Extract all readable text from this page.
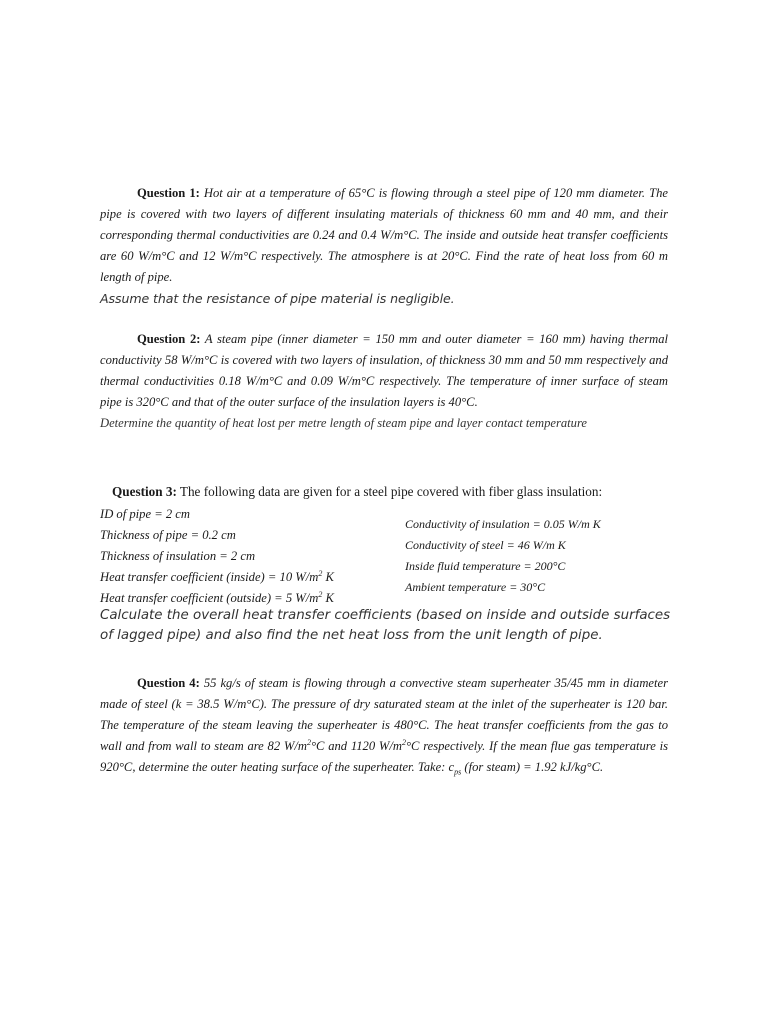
Question 1: Hot air at a temperature of 65°C is flowing through a steel pipe of 120 mm diameter. The pipe is covered with two layers of different insulating materials of thickness 60 mm and 40 mm, and their corresponding thermal conductivities are 0.24 and 0.4 W/m°C. The inside and outside heat transfer coefficients are 60 W/m°C and 12 W/m°C respectively. The atmosphere is at 20°C. Find the rate of heat loss from 60 m length of pipe.

Assume that the resistance of pipe material is negligible.

Question 2: A steam pipe (inner diameter = 150 mm and outer diameter = 160 mm) having thermal conductivity 58 W/m°C is covered with two layers of insulation, of thickness 30 mm and 50 mm respectively and thermal conductivities 0.18 W/m°C and 0.09 W/m°C respectively. The temperature of inner surface of steam pipe is 320°C and that of the outer surface of the insulation layers is 40°C.

Determine the quantity of heat lost per metre length of steam pipe and layer contact temperature

Question 3: The following data are given for a steel pipe covered with fiber glass insulation:

ID of pipe = 2 cm
Thickness of pipe = 0.2 cm
Thickness of insulation = 2 cm
Heat transfer coefficient (inside) = 10 $W/m^2$ K
Heat transfer coefficient (outside) = 5 $W/m^2$ K
Conductivity of insulation = 0.05 W/m K
Conductivity of steel = 46 W/m K
Inside fluid temperature = 200°C
Ambient temperature = 30°C
Calculate the overall heat transfer coefficients (based on inside and outside surfaces
of lagged pipe) and also find the net heat loss from the unit length of pipe.

Question 4: 55 kg/s of steam is flowing through a convective steam superheater 35/45 mm in diameter made of steel (k = 38.5 W/m°C). The pressure of dry saturated steam at the inlet of the superheater is 120 bar. The temperature of the steam leaving the superheater is 480°C. The heat transfer coefficients from the gas to wall and from wall to steam are 82 $W/m^2^\circ C$ and 1120 $W/m^2^\circ C$ respectively. If the mean flue gas temperature is 920°C, determine the outer heating surface of the superheater. Take: $c_{ps}$ (for steam) = 1.92 kJ/kg°C.
